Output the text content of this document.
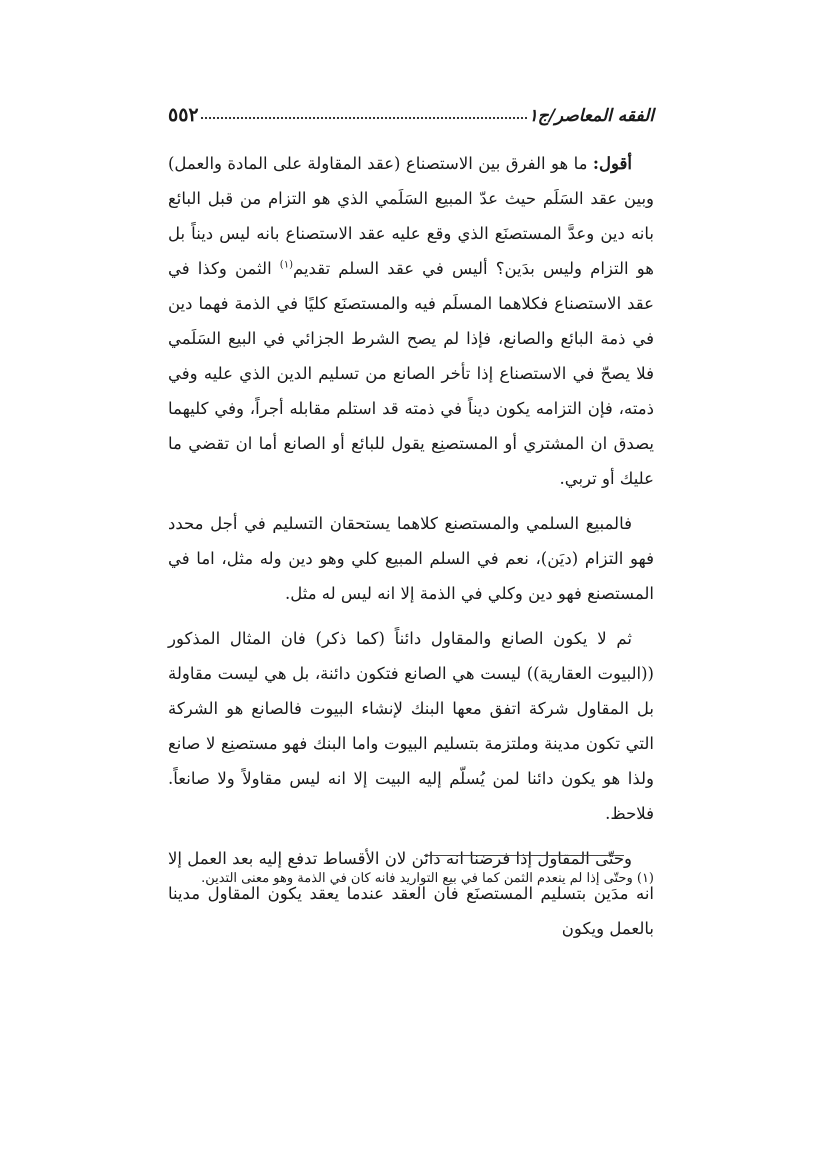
الفقه المعاصر/ج١
٥٥٢

أقول: ما هو الفرق بين الاستصناع (عقد المقاولة على المادة والعمل) وبين عقد السَلَم حيث عدّ المبيع السَلَمي الذي هو التزام من قبل البائع بانه دين وعدَّ المستصنَع الذي وقع عليه عقد الاستصناع بانه ليس ديناً بل هو التزام وليس بدَين؟ أليس في عقد السلم تقديم$^{(١)}$ الثمن وكذا في عقد الاستصناع فكلاهما المسلَم فيه والمستصنَع كليًا في الذمة فهما دين في ذمة البائع والصانع، فإذا لم يصح الشرط الجزائي في البيع السَلَمي فلا يصحّ في الاستصناع إذا تأخر الصانع من تسليم الدين الذي عليه وفي ذمته، فإن التزامه يكون ديناً في ذمته قد استلم مقابله أجراً، وفي كليهما يصدق ان المشتري أو المستصنِع يقول للبائع أو الصانع أما ان تقضي ما عليك أو تربي.

فالمبيع السلمي والمستصنع كلاهما يستحقان التسليم في أجل محدد فهو التزام (ديَن)، نعم في السلم المبيع كلي وهو دين وله مثل، اما في المستصنع فهو دين وكلي في الذمة إلا انه ليس له مثل.

ثم لا يكون الصانع والمقاول دائناً (كما ذكر) فان المثال المذكور ((البيوت العقارية)) ليست هي الصانع فتكون دائنة، بل هي ليست مقاولة بل المقاول شركة اتفق معها البنك لإنشاء البيوت فالصانع هو الشركة التي تكون مدينة وملتزمة بتسليم البيوت واما البنك فهو مستصنِع لا صانع ولذا هو يكون دائنا لمن يُسلّم إليه البيت إلا انه ليس مقاولاً ولا صانعاً. فلاحظ.

وحتّى المقاول إذا فرضنا انه دائن لان الأقساط تدفع إليه بعد العمل إلا انه مدَين بتسليم المستصنَع فان العقد عندما يعقد يكون المقاول مدينا بالعمل ويكون

(١) وحتّى إذا لم ينعدم الثمن كما في بيع التواريد فانه كان في الذمة وهو معنى التدين.
